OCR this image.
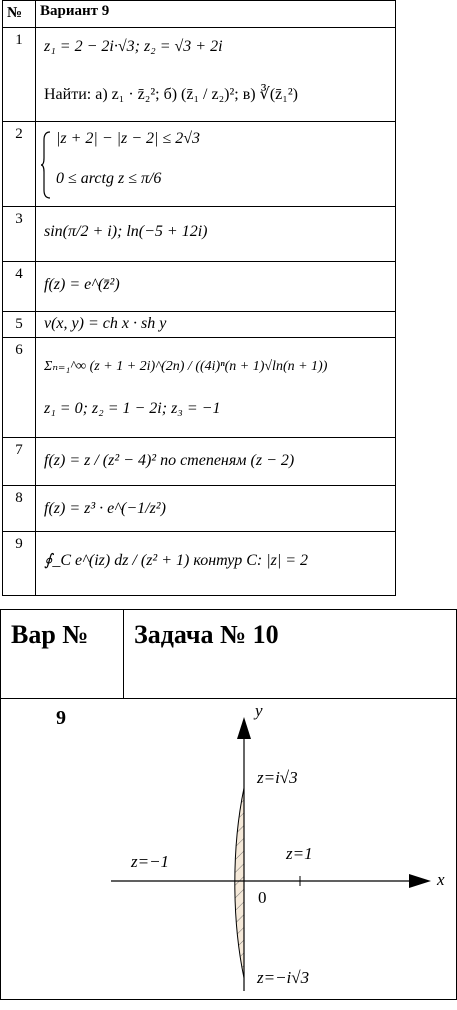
№	Вариант 9
1	z₁ = 2 − 2i·√3; z₂ = √3 + 2i
Найти: а) z₁ · z̄₂²; б) (z̄₁ / z₂)²; в) ∛(z̄₁²)

2	|z + 2| − |z − 2| ≤ 2√3
0 ≤ arctg z ≤ π/6

3	sin(π/2 + i); ln(−5 + 12i)

4	f(z) = e^(z̄²)

5	v(x, y) = ch x · sh y

6	Σₙ₌₁^∞ (z + 1 + 2i)^(2n) / ((4i)ⁿ(n + 1)√ln(n + 1))
z₁ = 0; z₂ = 1 − 2i; z₃ = −1

7	f(z) = z / (z² − 4)² по степеням (z − 2)

8	f(z) = z³ · e^(−1/z²)

9	∮_C e^(iz) dz / (z² + 1) контур C: |z| = 2
Вар №	Задача № 10

9
x
y
0
z=i√3
z=−i√3
z=−1	z=1
